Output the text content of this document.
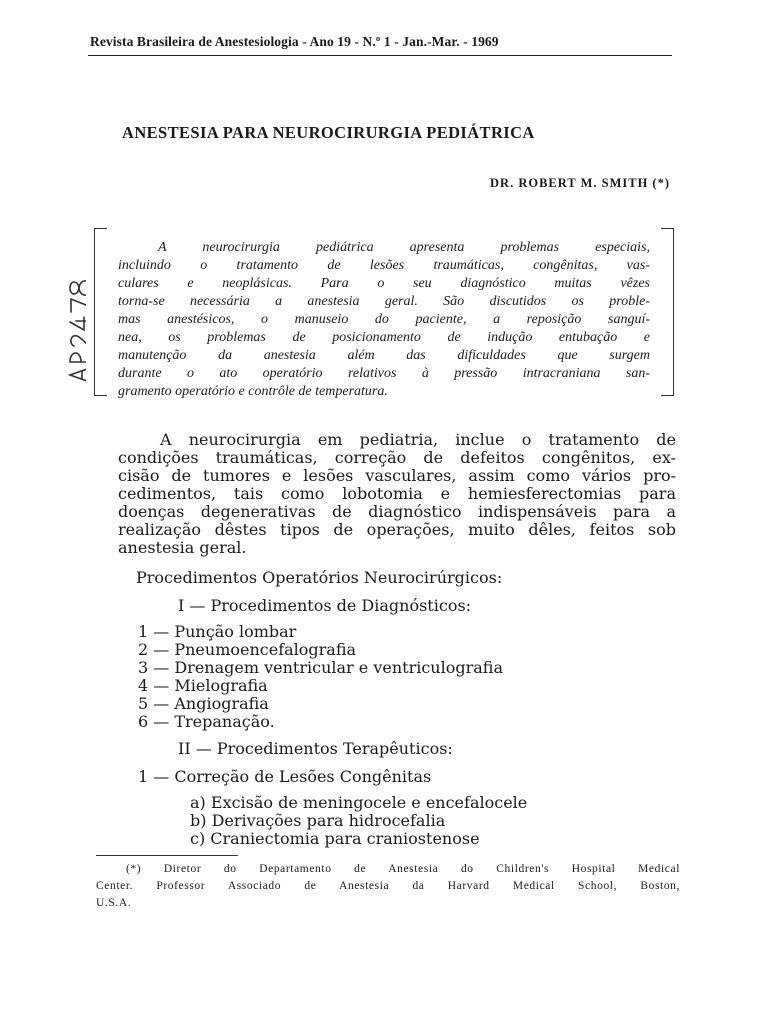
Revista Brasileira de Anestesiologia - Ano 19 - N.º 1 - Jan.-Mar. - 1969
ANESTESIA PARA NEUROCIRURGIA PEDIÁTRICA
DR. ROBERT M. SMITH (*)
A neurocirurgia pediátrica apresenta problemas especiais,
incluindo o tratamento de lesões traumáticas, congênitas, vas-
culares e neoplásicas. Para o seu diagnóstico muitas vêzes
torna-se necessária a anestesia geral. São discutidos os proble-
mas anestésicos, o manuseio do paciente, a reposição sanguí-
nea, os problemas de posicionamento de indução entubação e
manutenção da anestesia além das dificuldades que surgem
durante o ato operatório relativos à pressão intracraniana san-
gramento operatório e contrôle de temperatura.
A neurocirurgia em pediatria, inclue o tratamento de
condições traumáticas, correção de defeitos congênitos, ex-
cisão de tumores e lesões vasculares, assim como vários pro-
cedimentos, tais como lobotomia e hemiesferectomias para
doenças degenerativas de diagnóstico indispensáveis para a
realização dêstes tipos de operações, muito dêles, feitos sob
anestesia geral.
Procedimentos Operatórios Neurocirúrgicos:
I — Procedimentos de Diagnósticos:
1 — Punção lombar
2 — Pneumoencefalografia
3 — Drenagem ventricular e ventriculografia
4 — Mielografia
5 — Angiografia
6 — Trepanação.
II — Procedimentos Terapêuticos:
1 — Correção de Lesões Congênitas
a) Excisão de meningocele e encefalocele
b) Derivações para hidrocefalia
c) Craniectomia para craniostenose
(*) Diretor do Departamento de Anestesia do Children's Hospital Medical
Center. Professor Associado de Anestesia da Harvard Medical School, Boston,
U.S.A.
